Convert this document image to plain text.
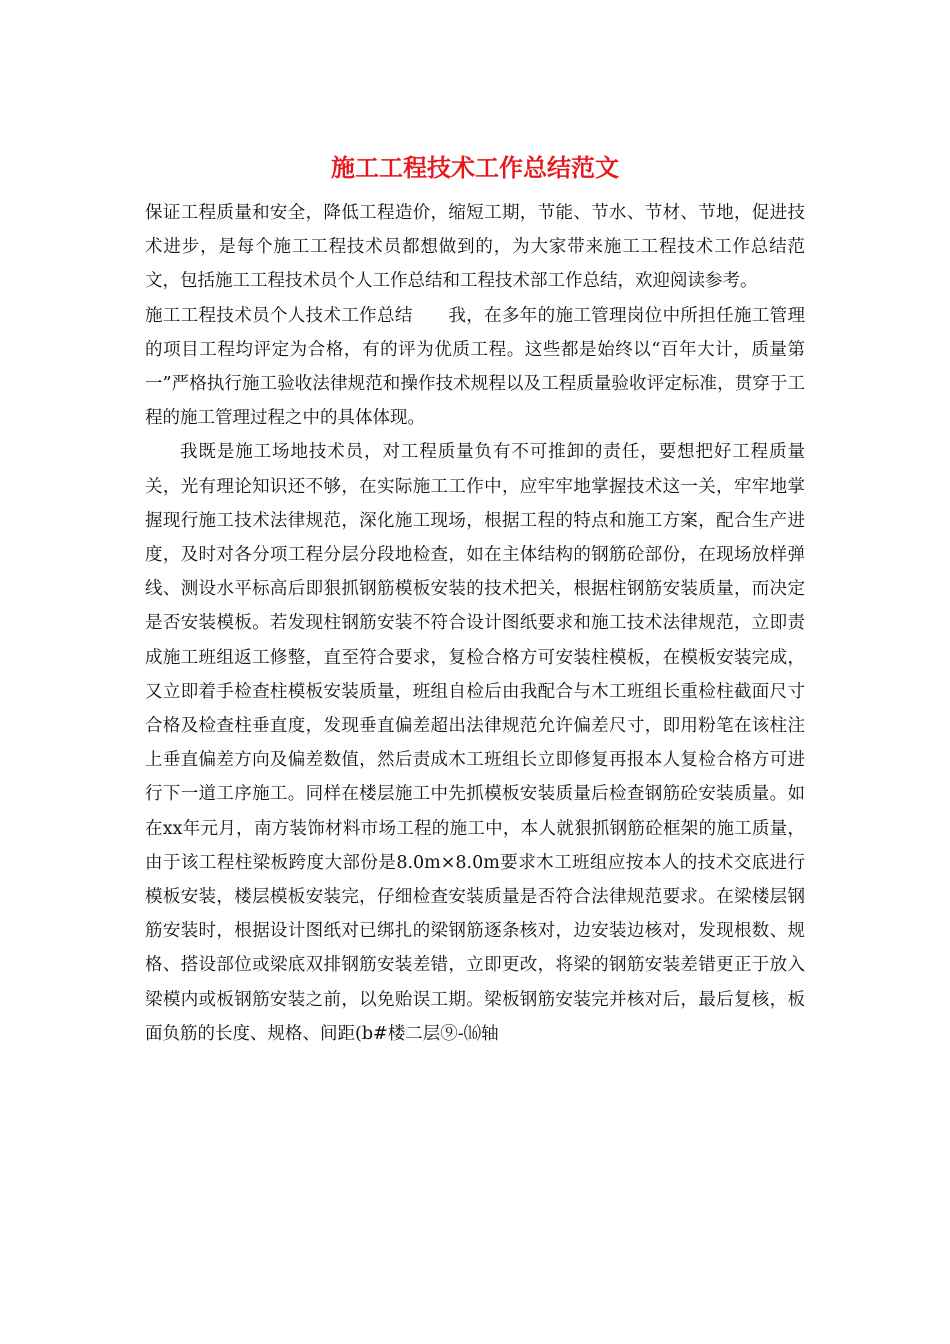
施工工程技术工作总结范文

保证工程质量和安全，降低工程造价，缩短工期，节能、节水、节材、节地，促进技术进步，是每个施工工程技术员都想做到的，为大家带来施工工程技术工作总结范文，包括施工工程技术员个人工作总结和工程技术部工作总结，欢迎阅读参考。

施工工程技术员个人技术工作总结　　我，在多年的施工管理岗位中所担任施工管理的项目工程均评定为合格，有的评为优质工程。这些都是始终以“百年大计，质量第一”严格执行施工验收法律规范和操作技术规程以及工程质量验收评定标准，贯穿于工程的施工管理过程之中的具体体现。

我既是施工场地技术员，对工程质量负有不可推卸的责任，要想把好工程质量关，光有理论知识还不够，在实际施工工作中，应牢牢地掌握技术这一关，牢牢地掌握现行施工技术法律规范，深化施工现场，根据工程的特点和施工方案，配合生产进度，及时对各分项工程分层分段地检查，如在主体结构的钢筋砼部份，在现场放样弹线、测设水平标高后即狠抓钢筋模板安装的技术把关，根据柱钢筋安装质量，而决定是否安装模板。若发现柱钢筋安装不符合设计图纸要求和施工技术法律规范，立即责成施工班组返工修整，直至符合要求，复检合格方可安装柱模板，在模板安装完成，又立即着手检查柱模板安装质量，班组自检后由我配合与木工班组长重检柱截面尺寸合格及检查柱垂直度，发现垂直偏差超出法律规范允许偏差尺寸，即用粉笔在该柱注上垂直偏差方向及偏差数值，然后责成木工班组长立即修复再报本人复检合格方可进行下一道工序施工。同样在楼层施工中先抓模板安装质量后检查钢筋砼安装质量。如在xx年元月，南方装饰材料市场工程的施工中，本人就狠抓钢筋砼框架的施工质量，由于该工程柱梁板跨度大部份是8.0m×8.0m要求木工班组应按本人的技术交底进行模板安装，楼层模板安装完，仔细检查安装质量是否符合法律规范要求。在梁楼层钢筋安装时，根据设计图纸对已绑扎的梁钢筋逐条核对，边安装边核对，发现根数、规格、搭设部位或梁底双排钢筋安装差错，立即更改，将梁的钢筋安装差错更正于放入梁模内或板钢筋安装之前，以免贻误工期。梁板钢筋安装完并核对后，最后复核，板面负筋的长度、规格、间距(b#楼二层⑨-⒃轴
